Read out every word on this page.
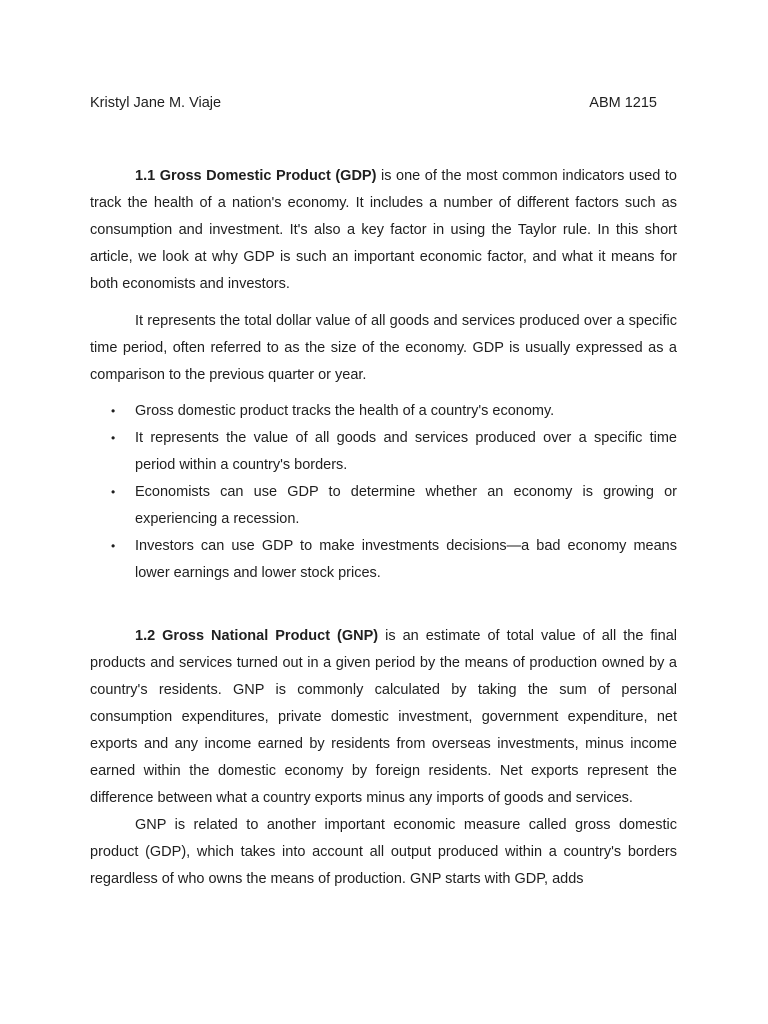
Kristyl Jane M. Viaje	ABM 1215

1.1 Gross Domestic Product (GDP) is one of the most common indicators used to track the health of a nation's economy. It includes a number of different factors such as consumption and investment. It's also a key factor in using the Taylor rule. In this short article, we look at why GDP is such an important economic factor, and what it means for both economists and investors.

It represents the total dollar value of all goods and services produced over a specific time period, often referred to as the size of the economy. GDP is usually expressed as a comparison to the previous quarter or year.

• Gross domestic product tracks the health of a country's economy.
• It represents the value of all goods and services produced over a specific time period within a country's borders.
• Economists can use GDP to determine whether an economy is growing or experiencing a recession.
• Investors can use GDP to make investments decisions—a bad economy means lower earnings and lower stock prices.

1.2 Gross National Product (GNP) is an estimate of total value of all the final products and services turned out in a given period by the means of production owned by a country's residents. GNP is commonly calculated by taking the sum of personal consumption expenditures, private domestic investment, government expenditure, net exports and any income earned by residents from overseas investments, minus income earned within the domestic economy by foreign residents. Net exports represent the difference between what a country exports minus any imports of goods and services.

GNP is related to another important economic measure called gross domestic product (GDP), which takes into account all output produced within a country's borders regardless of who owns the means of production. GNP starts with GDP, adds
